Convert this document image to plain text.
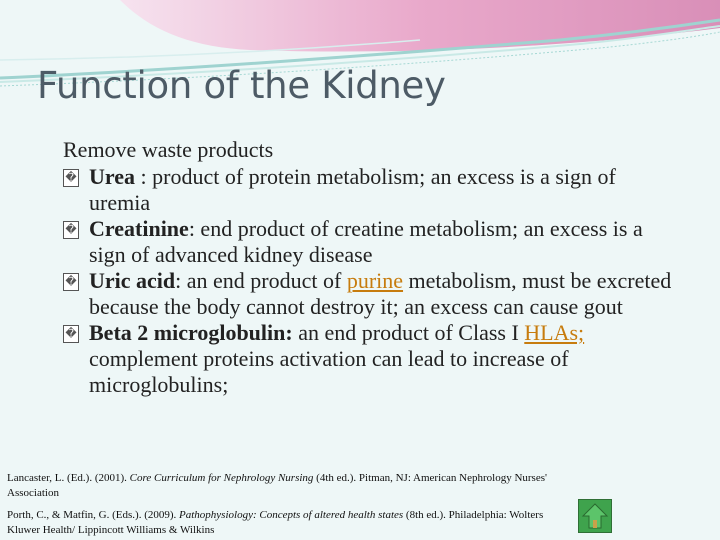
Function of the Kidney
Remove waste products
� Urea : product of protein metabolism; an excess is a sign of uremia
� Creatinine: end product of creatine metabolism; an excess is a sign of advanced kidney disease
� Uric acid: an end product of purine metabolism, must be excreted because the body cannot destroy it; an excess can cause gout
� Beta 2 microglobulin: an end product of Class I HLAs; complement proteins activation can lead to increase of microglobulins;
Lancaster, L. (Ed.). (2001). Core Curriculum for Nephrology Nursing (4th ed.). Pitman, NJ: American Nephrology Nurses' Association
Porth, C., & Matfin, G. (Eds.). (2009). Pathophysiology: Concepts of altered health states (8th ed.). Philadelphia: Wolters Kluwer Health/ Lippincott Williams & Wilkins
